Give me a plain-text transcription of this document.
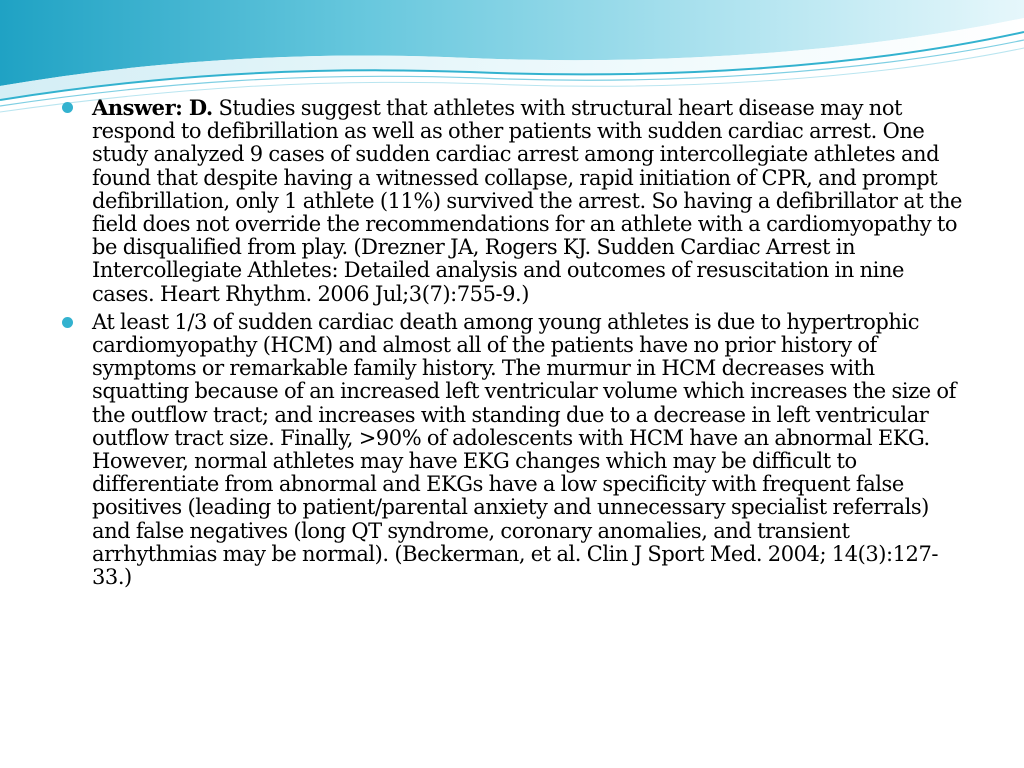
Answer: D. Studies suggest that athletes with structural heart disease may not respond to defibrillation as well as other patients with sudden cardiac arrest. One study analyzed 9 cases of sudden cardiac arrest among intercollegiate athletes and found that despite having a witnessed collapse, rapid initiation of CPR, and prompt defibrillation, only 1 athlete (11%) survived the arrest. So having a defibrillator at the field does not override the recommendations for an athlete with a cardiomyopathy to be disqualified from play. (Drezner JA, Rogers KJ. Sudden Cardiac Arrest in Intercollegiate Athletes: Detailed analysis and outcomes of resuscitation in nine cases. Heart Rhythm. 2006 Jul;3(7):755-9.)
At least 1/3 of sudden cardiac death among young athletes is due to hypertrophic cardiomyopathy (HCM) and almost all of the patients have no prior history of symptoms or remarkable family history. The murmur in HCM decreases with squatting because of an increased left ventricular volume which increases the size of the outflow tract; and increases with standing due to a decrease in left ventricular outflow tract size. Finally, >90% of adolescents with HCM have an abnormal EKG. However, normal athletes may have EKG changes which may be difficult to differentiate from abnormal and EKGs have a low specificity with frequent false positives (leading to patient/parental anxiety and unnecessary specialist referrals) and false negatives (long QT syndrome, coronary anomalies, and transient arrhythmias may be normal). (Beckerman, et al. Clin J Sport Med. 2004; 14(3):127-33.)
